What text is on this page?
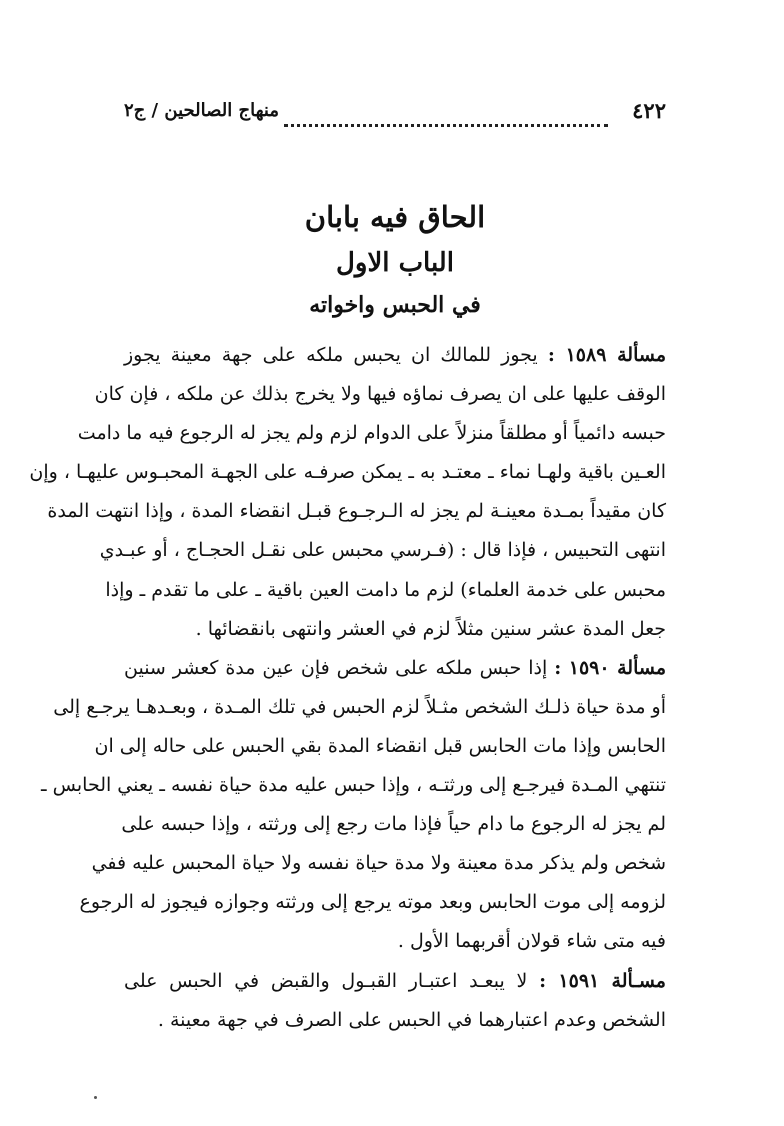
٤٢٢
منهاج الصالحين / ج٢
الحاق فيه بابان
الباب الاول
في الحبس واخواته
مسألة ١٥٨٩ : يجوز للمالك ان يحبس ملكه على جهة معينة يجوز
الوقف عليها على ان يصرف نماؤه فيها ولا يخرج بذلك عن ملكه ، فإن كان
حبسه دائمياً أو مطلقاً منزلاً على الدوام لزم ولم يجز له الرجوع فيه ما دامت
العـين باقية ولهـا نماء ـ معتـد به ـ يمكن صرفـه على الجهـة المحبـوس عليهـا ، وإن
كان مقيداً بمـدة معينـة لم يجز له الـرجـوع قبـل انقضاء المدة ، وإذا انتهت المدة
انتهى التحبيس ، فإذا قال : (فـرسي محبس على نقـل الحجـاج ، أو عبـدي
محبس على خدمة العلماء) لزم ما دامت العين باقية ـ على ما تقدم ـ وإذا
جعل المدة عشر سنين مثلاً لزم في العشر وانتهى بانقضائها .
مسألة ١٥٩٠ : إذا حبس ملكه على شخص فإن عين مدة كعشر سنين
أو مدة حياة ذلـك الشخص مثـلاً لزم الحبس في تلك المـدة ، وبعـدهـا يرجـع إلى
الحابس وإذا مات الحابس قبل انقضاء المدة بقي الحبس على حاله إلى ان
تنتهي المـدة فيرجـع إلى ورثتـه ، وإذا حبس عليه مدة حياة نفسه ـ يعني الحابس ـ
لم يجز له الرجوع ما دام حياً فإذا مات رجع إلى ورثته ، وإذا حبسه على
شخص ولم يذكر مدة معينة ولا مدة حياة نفسه ولا حياة المحبس عليه ففي
لزومه إلى موت الحابس وبعد موته يرجع إلى ورثته وجوازه فيجوز له الرجوع
فيه متى شاء قولان أقربهما الأول .
مسـألة ١٥٩١ : لا يبعـد اعتبـار القبـول والقبض في الحبس على
الشخص وعدم اعتبارهما في الحبس على الصرف في جهة معينة .
